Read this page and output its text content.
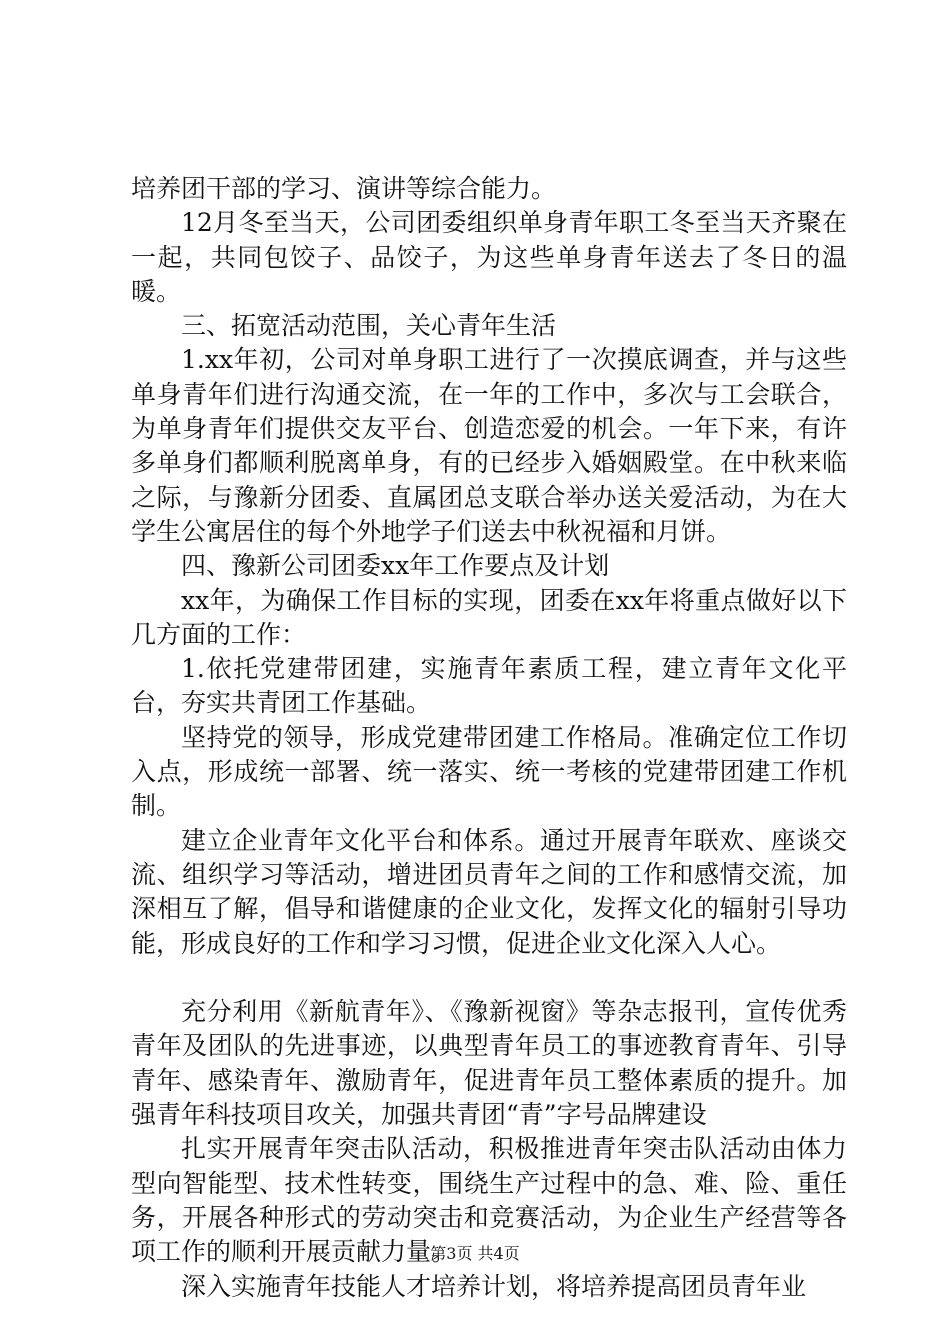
培养团干部的学习、演讲等综合能力。

12月冬至当天，公司团委组织单身青年职工冬至当天齐聚在一起，共同包饺子、品饺子，为这些单身青年送去了冬日的温暖。

三、拓宽活动范围，关心青年生活

1.xx年初，公司对单身职工进行了一次摸底调查，并与这些单身青年们进行沟通交流，在一年的工作中，多次与工会联合，为单身青年们提供交友平台、创造恋爱的机会。一年下来，有许多单身们都顺利脱离单身，有的已经步入婚姻殿堂。在中秋来临之际，与豫新分团委、直属团总支联合举办送关爱活动，为在大学生公寓居住的每个外地学子们送去中秋祝福和月饼。

四、豫新公司团委xx年工作要点及计划

xx年，为确保工作目标的实现，团委在xx年将重点做好以下几方面的工作：

1.依托党建带团建，实施青年素质工程，建立青年文化平台，夯实共青团工作基础。

坚持党的领导，形成党建带团建工作格局。准确定位工作切入点，形成统一部署、统一落实、统一考核的党建带团建工作机制。

建立企业青年文化平台和体系。通过开展青年联欢、座谈交流、组织学习等活动，增进团员青年之间的工作和感情交流，加深相互了解，倡导和谐健康的企业文化，发挥文化的辐射引导功能，形成良好的工作和学习习惯，促进企业文化深入人心。

充分利用《新航青年》、《豫新视窗》等杂志报刊，宣传优秀青年及团队的先进事迹，以典型青年员工的事迹教育青年、引导青年、感染青年、激励青年，促进青年员工整体素质的提升。加强青年科技项目攻关，加强共青团“青”字号品牌建设

扎实开展青年突击队活动，积极推进青年突击队活动由体力型向智能型、技术性转变，围绕生产过程中的急、难、险、重任务，开展各种形式的劳动突击和竞赛活动，为企业生产经营等各项工作的顺利开展贡献力量。

深入实施青年技能人才培养计划，将培养提高团员青年业

第3页 共4页
